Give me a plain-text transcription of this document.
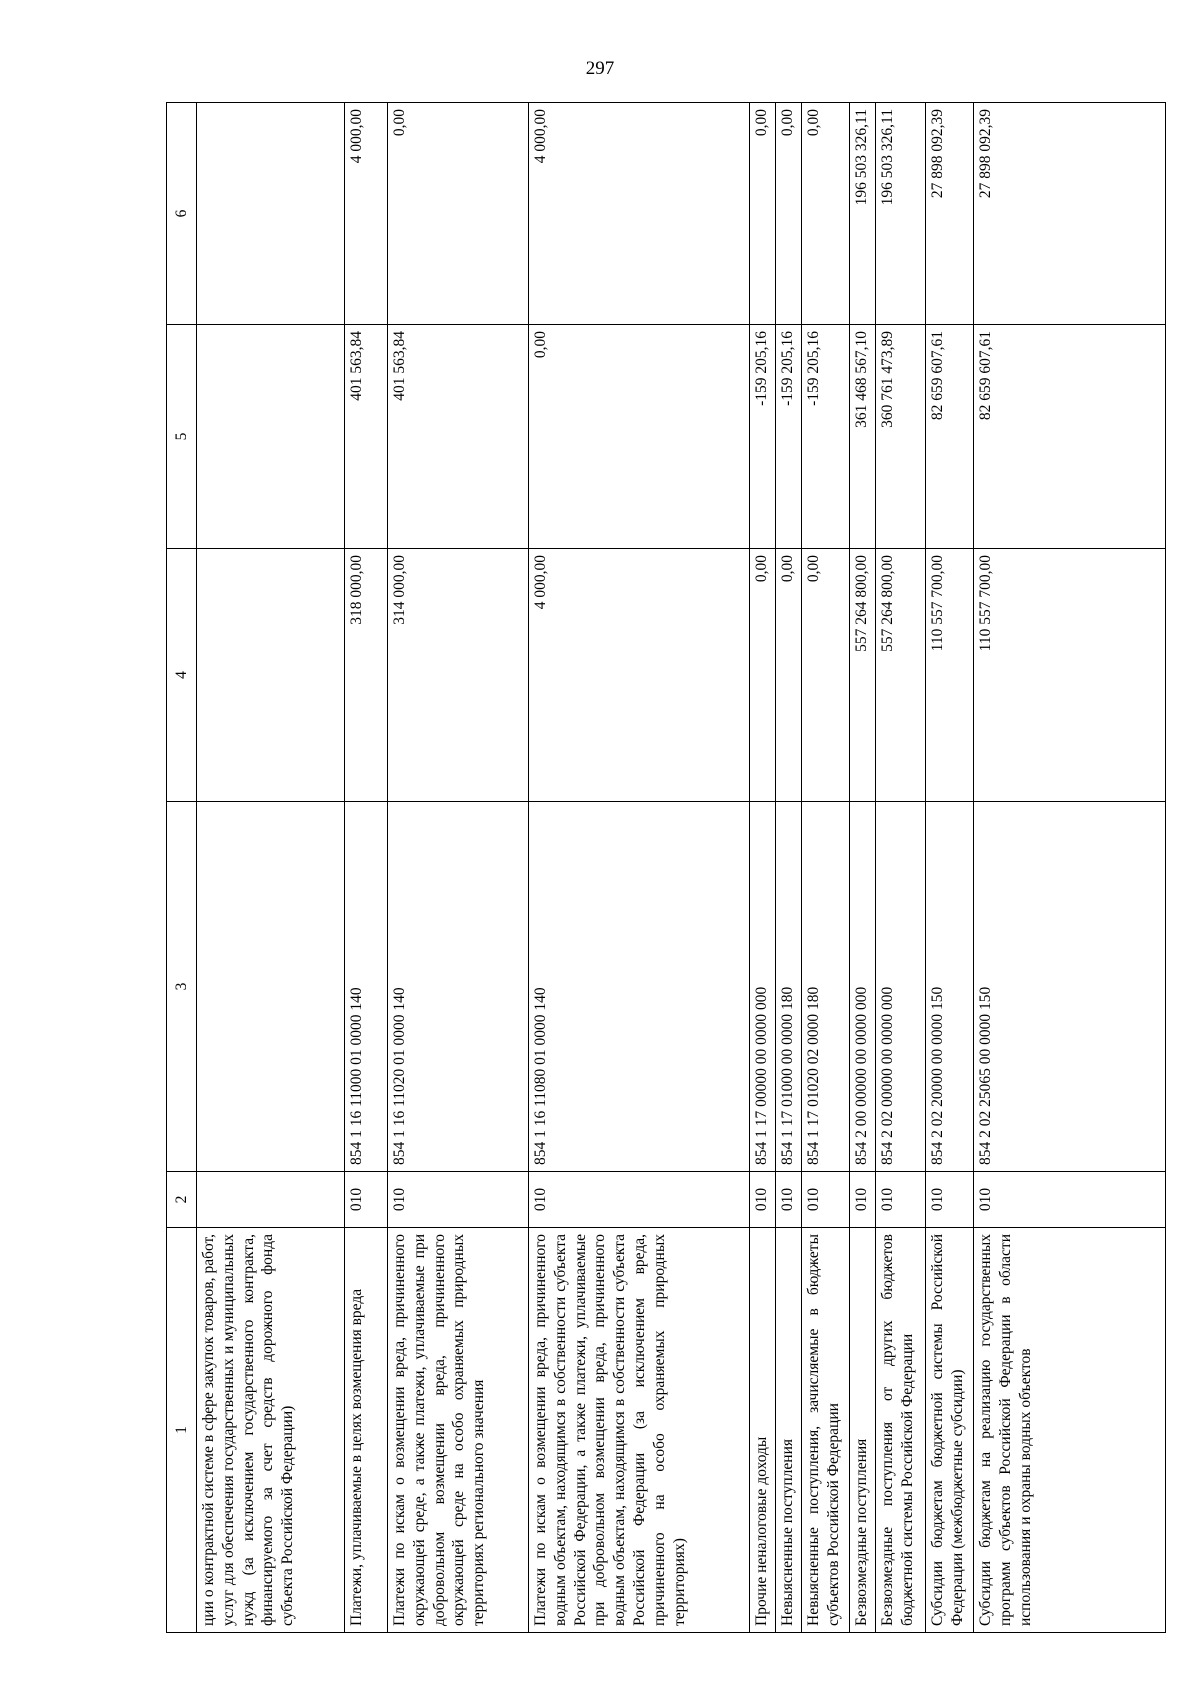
297
1	2	3	4	5	6
ции о контрактной системе в сфере закупок товаров, работ, услуг для обеспечения государственных и муниципальных нужд (за исключением государственного контракта, финансируемого за счет средств дорожного фонда субъекта Российской Федерации)					
Платежи, уплачиваемые в целях возмещения вреда	010	854 1 16 11000 01 0000 140	318 000,00	401 563,84	4 000,00
Платежи по искам о возмещении вреда, причиненного окружающей среде, а также платежи, уплачиваемые при добровольном возмещении вреда, причиненного окружающей среде на особо охраняемых природных территориях регионального значения	010	854 1 16 11020 01 0000 140	314 000,00	401 563,84	0,00
Платежи по искам о возмещении вреда, причиненного водным объектам, находящимся в собственности субъекта Российской Федерации, а также платежи, уплачиваемые при добровольном возмещении вреда, причиненного водным объектам, находящимся в собственности субъекта Российской Федерации (за исключением вреда, причиненного на особо охраняемых природных территориях)	010	854 1 16 11080 01 0000 140	4 000,00	0,00	4 000,00
Прочие неналоговые доходы	010	854 1 17 00000 00 0000 000	0,00	-159 205,16	0,00
Невыясненные поступления	010	854 1 17 01000 00 0000 180	0,00	-159 205,16	0,00
Невыясненные поступления, зачисляемые в бюджеты субъектов Российской Федерации	010	854 1 17 01020 02 0000 180	0,00	-159 205,16	0,00
Безвозмездные поступления	010	854 2 00 00000 00 0000 000	557 264 800,00	361 468 567,10	196 503 326,11
Безвозмездные поступления от других бюджетов бюджетной системы Российской Федерации	010	854 2 02 00000 00 0000 000	557 264 800,00	360 761 473,89	196 503 326,11
Субсидии бюджетам бюджетной системы Российской Федерации (межбюджетные субсидии)	010	854 2 02 20000 00 0000 150	110 557 700,00	82 659 607,61	27 898 092,39
Субсидии бюджетам на реализацию государственных программ субъектов Российской Федерации в области использования и охраны водных объектов	010	854 2 02 25065 00 0000 150	110 557 700,00	82 659 607,61	27 898 092,39
